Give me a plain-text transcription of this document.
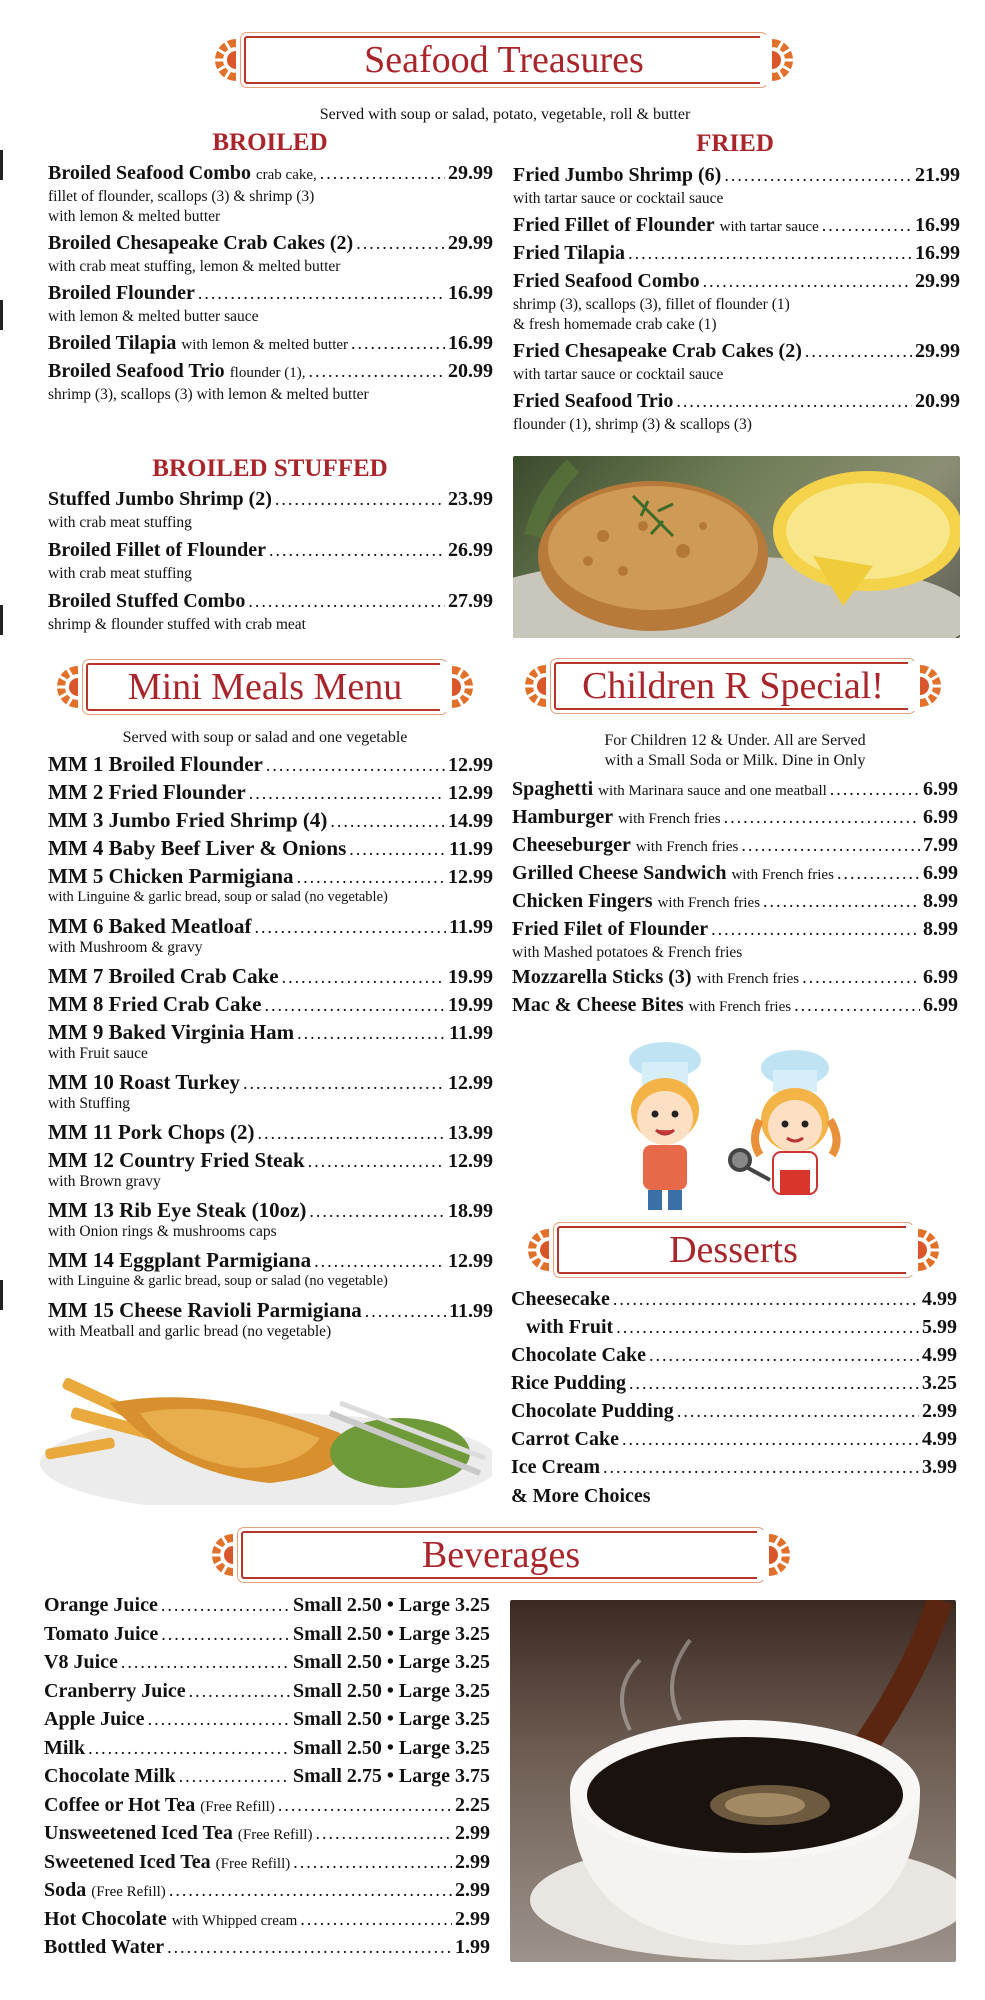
Seafood Treasures
Served with soup or salad, potato, vegetable, roll & butter
BROILED	FRIED
BROILED STUFFED
Mini Meals Menu
Served with soup or salad and one vegetable
Children R Special!
For Children 12 & Under. All are Served
with a Small Soda or Milk. Dine in Only
Desserts
& More Choices
Beverages
Broiled Seafood Combo crab cake, .....	29.99
fillet of flounder, scallops (3) & shrimp (3)
with lemon & melted butter
Broiled Chesapeake Crab Cakes (2) .....	29.99
with crab meat stuffing, lemon & melted butter
Broiled Flounder .....	16.99
with lemon & melted butter sauce
Broiled Tilapia with lemon & melted butter .....	16.99
Broiled Seafood Trio flounder (1), .....	20.99
shrimp (3), scallops (3) with lemon & melted butter
Fried Jumbo Shrimp (6) .....	21.99
with tartar sauce or cocktail sauce
Fried Fillet of Flounder with tartar sauce .....	16.99
Fried Tilapia .....	16.99
Fried Seafood Combo .....	29.99
shrimp (3), scallops (3), fillet of flounder (1)
& fresh homemade crab cake (1)
Fried Chesapeake Crab Cakes (2) .....	29.99
with tartar sauce or cocktail sauce
Fried Seafood Trio .....	20.99
flounder (1), shrimp (3) & scallops (3)
Stuffed Jumbo Shrimp (2) .....	23.99
with crab meat stuffing
Broiled Fillet of Flounder .....	26.99
with crab meat stuffing
Broiled Stuffed Combo .....	27.99
shrimp & flounder stuffed with crab meat
MM 1 Broiled Flounder .....	12.99
MM 2 Fried Flounder .....	12.99
MM 3 Jumbo Fried Shrimp (4) .....	14.99
MM 4 Baby Beef Liver & Onions .....	11.99
MM 5 Chicken Parmigiana .....	12.99
with Linguine & garlic bread, soup or salad (no vegetable)
MM 6 Baked Meatloaf .....	11.99
with Mushroom & gravy
MM 7 Broiled Crab Cake .....	19.99
MM 8 Fried Crab Cake .....	19.99
MM 9 Baked Virginia Ham .....	11.99
with Fruit sauce
MM 10 Roast Turkey .....	12.99
with Stuffing
MM 11 Pork Chops (2) .....	13.99
MM 12 Country Fried Steak .....	12.99
with Brown gravy
MM 13 Rib Eye Steak (10oz) .....	18.99
with Onion rings & mushrooms caps
MM 14 Eggplant Parmigiana .....	12.99
with Linguine & garlic bread, soup or salad (no vegetable)
MM 15 Cheese Ravioli Parmigiana .....	11.99
with Meatball and garlic bread (no vegetable)
Spaghetti with Marinara sauce and one meatball .....	6.99
Hamburger with French fries .....	6.99
Cheeseburger with French fries .....	7.99
Grilled Cheese Sandwich with French fries .....	6.99
Chicken Fingers with French fries .....	8.99
Fried Filet of Flounder .....	8.99
with Mashed potatoes & French fries
Mozzarella Sticks (3) with French fries .....	6.99
Mac & Cheese Bites with French fries .....	6.99
Cheesecake .....	4.99
with Fruit .....	5.99
Chocolate Cake .....	4.99
Rice Pudding .....	3.25
Chocolate Pudding .....	2.99
Carrot Cake .....	4.99
Ice Cream .....	3.99
Orange Juice .....	Small 2.50 • Large 3.25
Tomato Juice .....	Small 2.50 • Large 3.25
V8 Juice .....	Small 2.50 • Large 3.25
Cranberry Juice .....	Small 2.50 • Large 3.25
Apple Juice .....	Small 2.50 • Large 3.25
Milk .....	Small 2.50 • Large 3.25
Chocolate Milk .....	Small 2.75 • Large 3.75
Coffee or Hot Tea (Free Refill) .....	2.25
Unsweetened Iced Tea (Free Refill) .....	2.99
Sweetened Iced Tea (Free Refill) .....	2.99
Soda (Free Refill) .....	2.99
Hot Chocolate with Whipped cream .....	2.99
Bottled Water .....	1.99
